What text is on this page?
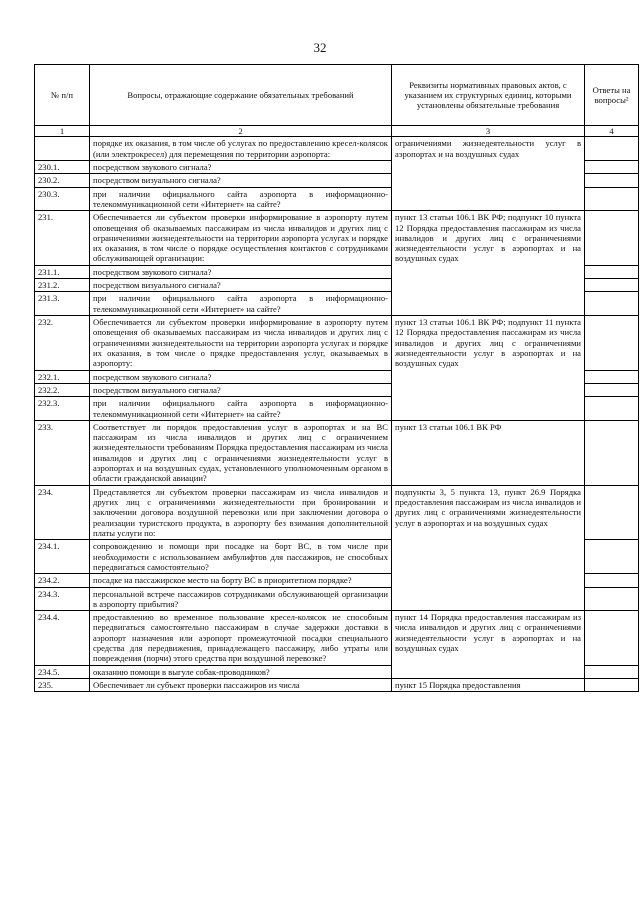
32
№ п/п	Вопросы, отражающие содержание обязательных требований	Реквизиты нормативных правовых актов, с указанием их структурных единиц, которыми установлены обязательные требования	Ответы на вопросы²
1	2	3	4
	порядке их оказания, в том числе об услугах по предоставлению кресел-колясок (или электрокресел) для перемещения по территории аэропорта:	ограничениями жизнедеятельности услуг в аэропортах и на воздушных судах	
230.1.	посредством звукового сигнала?		
230.2.	посредством визуального сигнала?		
230.3.	при наличии официального сайта аэропорта в информационно-телекоммуникационной сети «Интернет» на сайте?		
231.	Обеспечивается ли субъектом проверки информирование в аэропорту путем оповещения об оказываемых пассажирам из числа инвалидов и других лиц с ограничениями жизнедеятельности на территории аэропорта услугах и порядке их оказания, в том числе о порядке осуществления контактов с сотрудниками обслуживающей организации:	пункт 13 статьи 106.1 ВК РФ; подпункт 10 пункта 12 Порядка предоставления пассажирам из числа инвалидов и других лиц с ограничениями жизнедеятельности услуг в аэропортах и на воздушных судах	
231.1.	посредством звукового сигнала?		
231.2.	посредством визуального сигнала?		
231.3.	при наличии официального сайта аэропорта в информационно-телекоммуникационной сети «Интернет» на сайте?		
232.	Обеспечивается ли субъектом проверки информирование в аэропорту путем оповещения об оказываемых пассажирам из числа инвалидов и других лиц с ограничениями жизнедеятельности на территории аэропорта услугах и порядке их оказания, в том числе о прядке предоставления услуг, оказываемых в аэропорту:	пункт 13 статьи 106.1 ВК РФ; подпункт 11 пункта 12 Порядка предоставления пассажирам из числа инвалидов и других лиц с ограничениями жизнедеятельности услуг в аэропортах и на воздушных судах	
232.1.	посредством звукового сигнала?		
232.2.	посредством визуального сигнала?		
232.3.	при наличии официального сайта аэропорта в информационно-телекоммуникационной сети «Интернет» на сайте?		
233.	Соответствует ли порядок предоставления услуг в аэропортах и на ВС пассажирам из числа инвалидов и других лиц с ограничением жизнедеятельности требованиям Порядка предоставления пассажирам из числа инвалидов и других лиц с ограничениями жизнедеятельности услуг в аэропортах и на воздушных судах, установленного уполномоченным органом в области гражданской авиации?	пункт 13 статьи 106.1 ВК РФ	
234.	Представляется ли субъектом проверки пассажирам из числа инвалидов и других лиц с ограничениями жизнедеятельности при бронировании и заключении договора воздушной перевозки или при заключении договора о реализации туристского продукта, в аэропорту без взимания дополнительной платы услуги по:	подпункты 3, 5 пункта 13, пункт 26.9 Порядка предоставления пассажирам из числа инвалидов и других лиц с ограничениями жизнедеятельности услуг в аэропортах и на воздушных судах	
234.1.	сопровождению и помощи при посадке на борт ВС, в том числе при необходимости с использованием амбулифтов для пассажиров, не способных передвигаться самостоятельно?		
234.2.	посадке на пассажирское место на борту ВС в приоритетном порядке?		
234.3.	персональной встрече пассажиров сотрудниками обслуживающей организации в аэропорту прибытия?		
234.4.	предоставлению во временное пользование кресел-колясок не способным передвигаться самостоятельно пассажирам в случае задержки доставки в аэропорт назначения или аэропорт промежуточной посадки специального средства для передвижения, принадлежащего пассажиру, либо утраты или повреждения (порчи) этого средства при воздушной перевозке?	пункт 14 Порядка предоставления пассажирам из числа инвалидов и других лиц с ограничениями жизнедеятельности услуг в аэропортах и на воздушных судах	
234.5.	оказанию помощи в выгуле собак-проводников?		
235.	Обеспечивает ли субъект проверки пассажиров из числа	пункт 15 Порядка предоставления	
